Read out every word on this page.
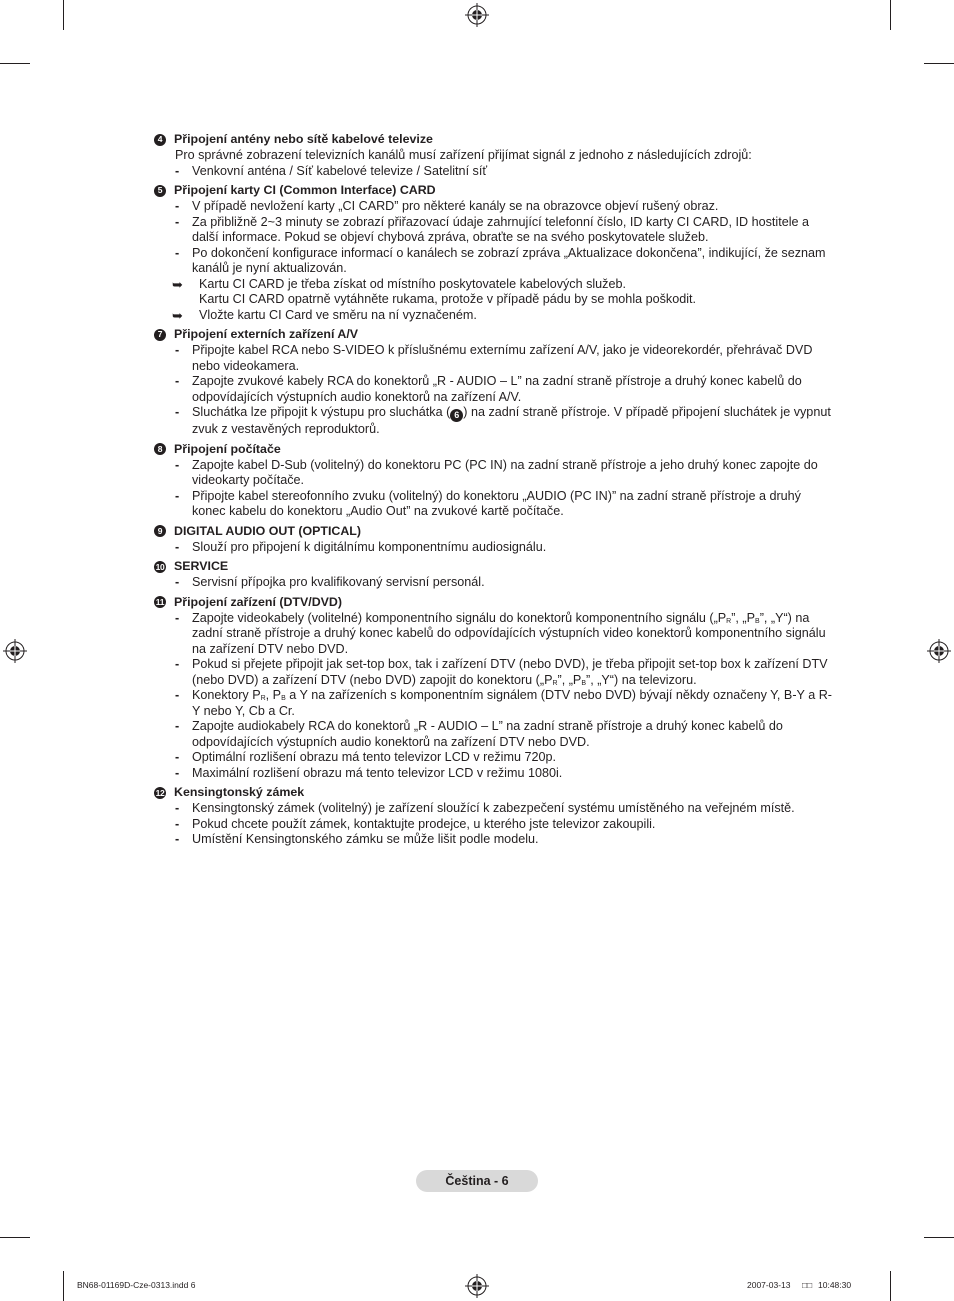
4 Připojení antény nebo sítě kabelové televize
Pro správné zobrazení televizních kanálů musí zařízení přijímat signál z jednoho z následujících zdrojů:
-	Venkovní anténa / Síť kabelové televize / Satelitní síť
5 Připojení karty CI (Common Interface) CARD
-	V případě nevložení karty „CI CARD” pro některé kanály se na obrazovce objeví rušený obraz.
-	Za přibližně 2~3 minuty se zobrazí přiřazovací údaje zahrnující telefonní číslo, ID karty CI CARD, ID hostitele a další informace. Pokud se objeví chybová zpráva, obraťte se na svého poskytovatele služeb.
-	Po dokončení konfigurace informací o kanálech se zobrazí zpráva „Aktualizace dokončena”, indikující, že seznam kanálů je nyní aktualizován.
➥	Kartu CI CARD je třeba získat od místního poskytovatele kabelových služeb.
Kartu CI CARD opatrně vytáhněte rukama, protože v případě pádu by se mohla poškodit.
➥	Vložte kartu CI Card ve směru na ní vyznačeném.
7 Připojení externích zařízení A/V
-	Připojte kabel RCA nebo S-VIDEO k příslušnému externímu zařízení A/V, jako je videorekordér, přehrávač DVD nebo videokamera.
-	Zapojte zvukové kabely RCA do konektorů „R - AUDIO – L” na zadní straně přístroje a druhý konec kabelů do odpovídajících výstupních audio konektorů na zařízení A/V.
-	Sluchátka lze připojit k výstupu pro sluchátka ( 6 ) na zadní straně přístroje. V případě připojení sluchátek je vypnut zvuk z vestavěných reproduktorů.
8 Připojení počítače
-	Zapojte kabel D-Sub (volitelný) do konektoru PC (PC IN) na zadní straně přístroje a jeho druhý konec zapojte do videokarty počítače.
-	Připojte kabel stereofonního zvuku (volitelný) do konektoru „AUDIO (PC IN)” na zadní straně přístroje a druhý konec kabelu do konektoru „Audio Out” na zvukové kartě počítače.
9 DIGITAL AUDIO OUT (OPTICAL)
-	Slouží pro připojení k digitálnímu komponentnímu audiosignálu.
10 SERVICE
-	Servisní přípojka pro kvalifikovaný servisní personál.
11 Připojení zařízení (DTV/DVD)
-	Zapojte videokabely (volitelné) komponentního signálu do konektorů komponentního signálu ($„P_R$”, $„P_B$”, „Y“) na zadní straně přístroje a druhý konec kabelů do odpovídajících výstupních video konektorů komponentního signálu na zařízení DTV nebo DVD.
-	Pokud si přejete připojit jak set-top box, tak i zařízení DTV (nebo DVD), je třeba připojit set-top box k zařízení DTV (nebo DVD) a zařízení DTV (nebo DVD) zapojit do konektoru ($„P_R$”, $„P_B$”, „Y“) na televizoru.
-	Konektory $P_R$, $P_B$ a Y na zařízeních s komponentním signálem (DTV nebo DVD) bývají někdy označeny Y, B-Y a R-Y nebo Y, Cb a Cr.
-	Zapojte audiokabely RCA do konektorů „R - AUDIO – L” na zadní straně přístroje a druhý konec kabelů do odpovídajících výstupních audio konektorů na zařízení DTV nebo DVD.
-	Optimální rozlišení obrazu má tento televizor LCD v režimu 720p.
-	Maximální rozlišení obrazu má tento televizor LCD v režimu 1080i.
12 Kensingtonský zámek
-	Kensingtonský zámek (volitelný) je zařízení sloužící k zabezpečení systému umístěného na veřejném místě.
-	Pokud chcete použít zámek, kontaktujte prodejce, u kterého jste televizor zakoupili.
-	Umístění Kensingtonského zámku se může lišit podle modelu.
Čeština - 6
BN68-01169D-Cze-0313.indd 6	2007-03-13 □□ 10:48:30
